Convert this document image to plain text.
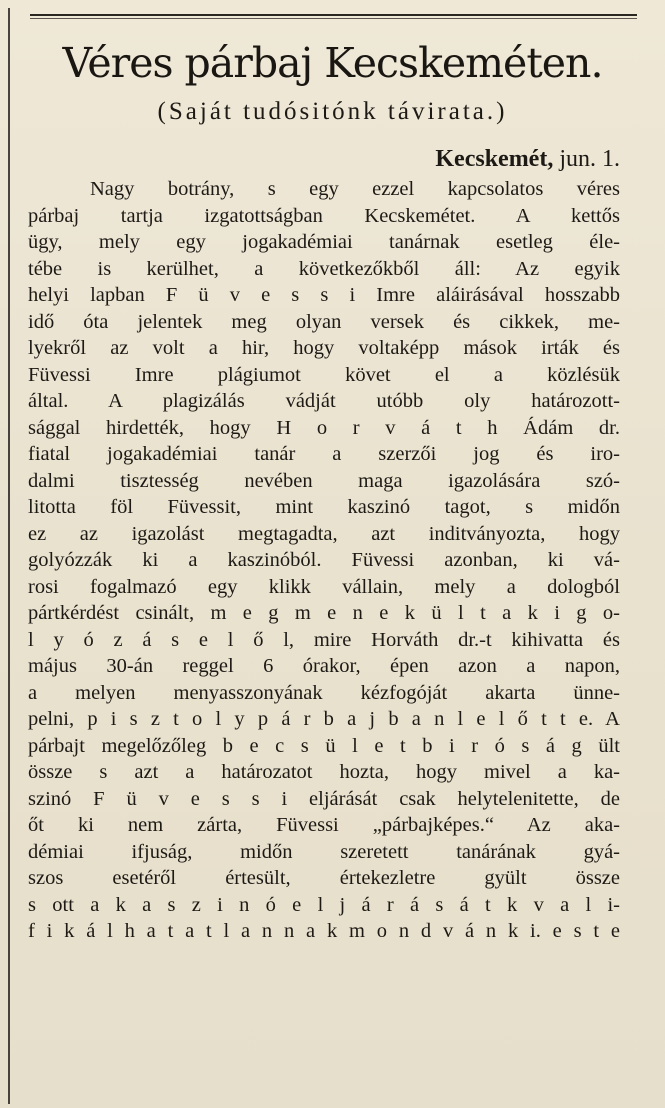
Véres párbaj Kecskeméten.
(Saját tudósitónk távirata.)
Kecskemét, jun. 1.
Nagy botrány, s egy ezzel kapcsolatos véres
párbaj tartja izgatottságban Kecskemétet. A kettős
ügy, mely egy jogakadémiai tanárnak esetleg éle-
tébe is kerülhet, a következőkből áll: Az egyik
helyi lapban F ü v e s s i Imre aláirásával hosszabb
idő óta jelentek meg olyan versek és cikkek, me-
lyekről az volt a hir, hogy voltaképp mások irták és
Füvessi Imre plágiumot követ el a közlésük
által. A plagizálás vádját utóbb oly határozott-
sággal hirdették, hogy H o r v á t h Ádám dr.
fiatal jogakadémiai tanár a szerzői jog és iro-
dalmi tisztesség nevében maga igazolására szó-
litotta föl Füvessit, mint kaszinó tagot, s midőn
ez az igazolást megtagadta, azt inditványozta, hogy
golyózzák ki a kaszinóból. Füvessi azonban, ki vá-
rosi fogalmazó egy klikk vállain, mely a dologból
pártkérdést csinált, m e g m e n e k ü l t a k i g o-
l y ó z á s e l ő l, mire Horváth dr.-t kihivatta és
május 30-án reggel 6 órakor, épen azon a napon,
a melyen menyasszonyának kézfogóját akarta ünne-
pelni, p i s z t o l y p á r b a j b a n l e l ő t t e. A
párbajt megelőzőleg b e c s ü l e t b i r ó s á g ült
össze s azt a határozatot hozta, hogy mivel a ka-
szinó F ü v e s s i eljárását csak helytelenitette, de
őt ki nem zárta, Füvessi „párbajképes.“ Az aka-
démiai ifjuság, midőn szeretett tanárának gyá-
szos esetéről értesült, értekezletre gyült össze
s ott a k a s z i n ó e l j á r á s á t k v a l i-
f i k á l h a t a t l a n n a k m o n d v á n k i. e s t e
